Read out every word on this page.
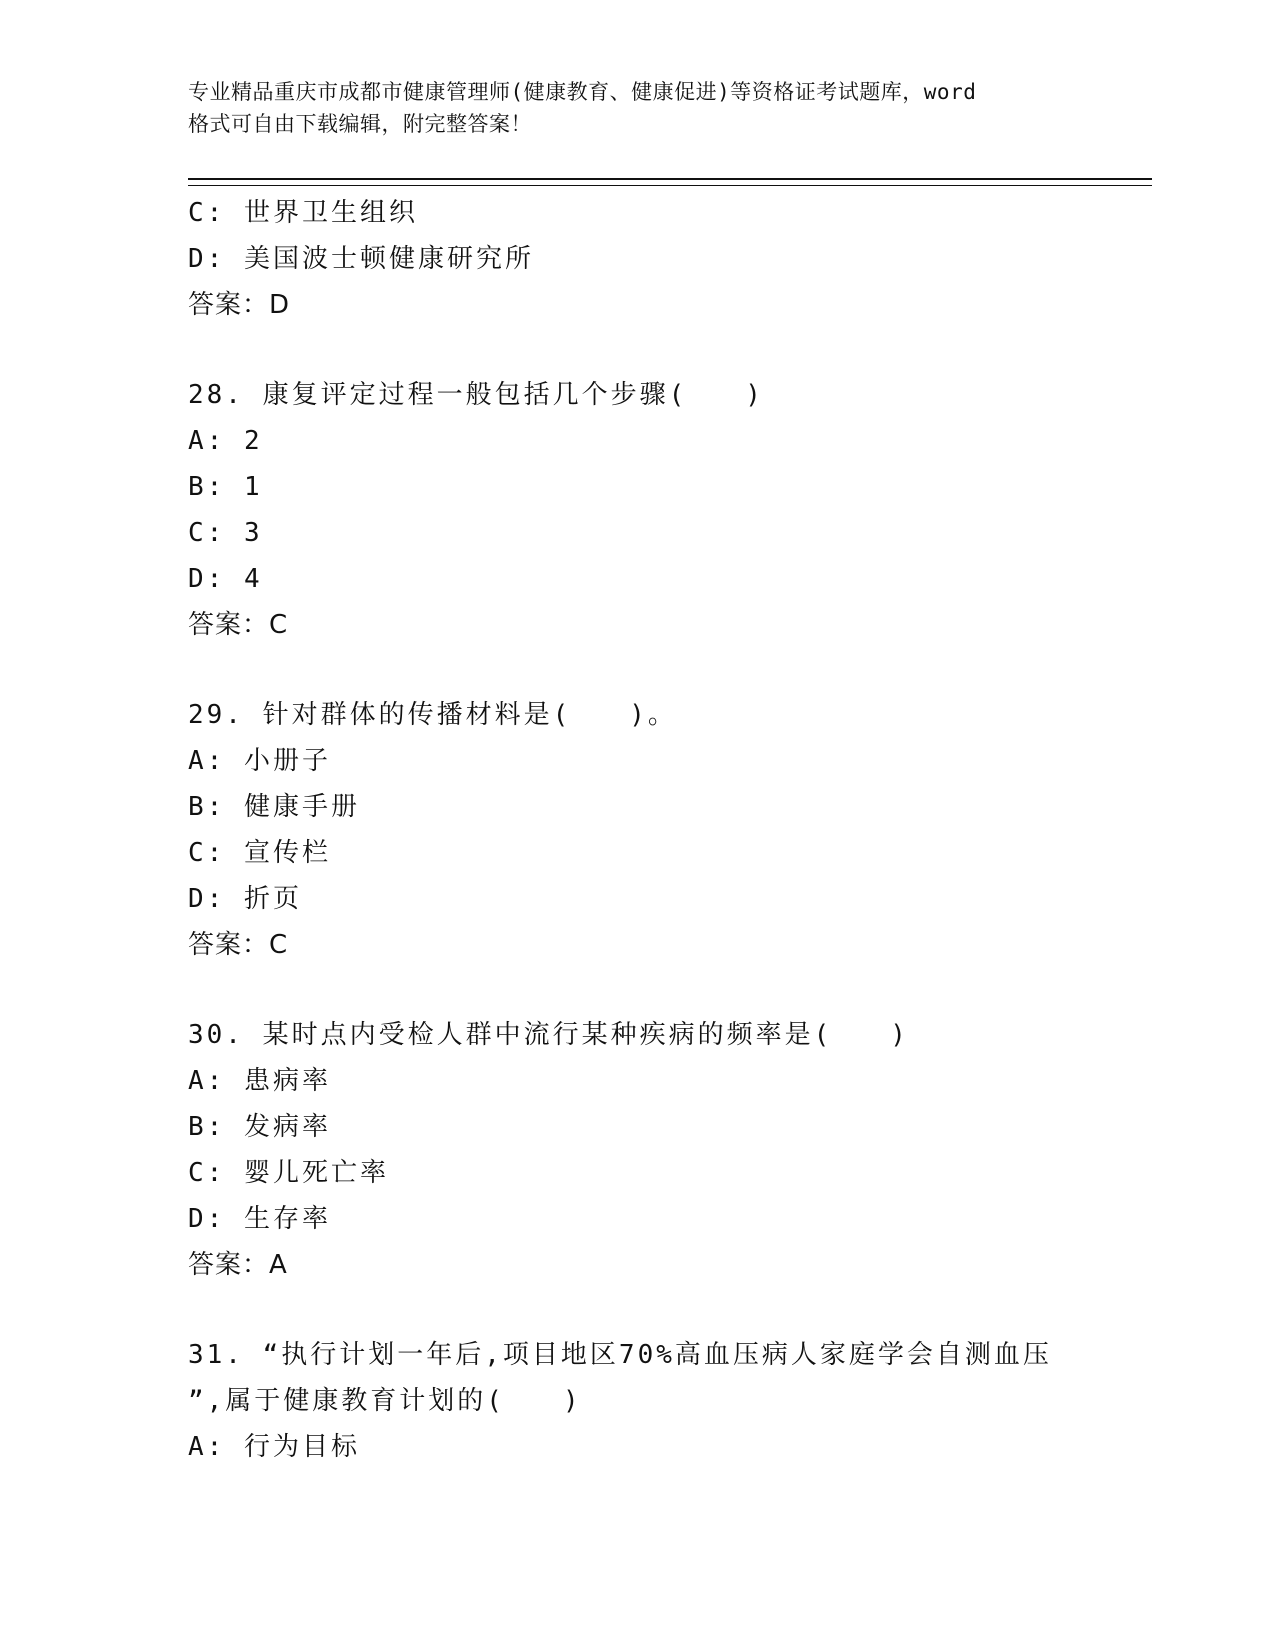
专业精品重庆市成都市健康管理师(健康教育、健康促进)等资格证考试题库，word
格式可自由下载编辑，附完整答案！
C: 世界卫生组织
D: 美国波士顿健康研究所
答案：D
28. 康复评定过程一般包括几个步骤(　　)
A: 2
B: 1
C: 3
D: 4
答案：C
29. 针对群体的传播材料是(　　)。
A: 小册子
B: 健康手册
C: 宣传栏
D: 折页
答案：C
30. 某时点内受检人群中流行某种疾病的频率是(　　)
A: 患病率
B: 发病率
C: 婴儿死亡率
D: 生存率
答案：A
31. “执行计划一年后,项目地区70%高血压病人家庭学会自测血压
”,属于健康教育计划的(　　)
A: 行为目标
